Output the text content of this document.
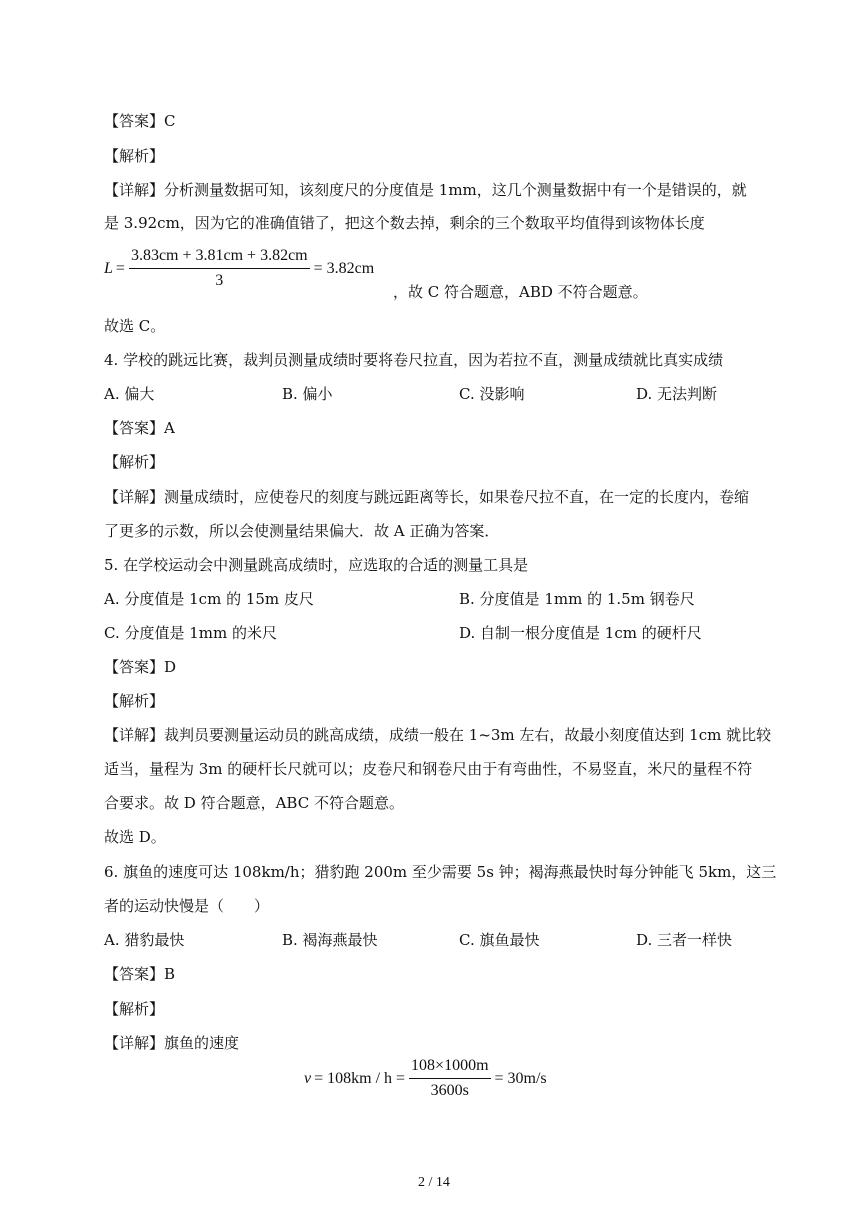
【答案】C
【解析】
【详解】分析测量数据可知，该刻度尺的分度值是 1mm，这几个测量数据中有一个是错误的，就
是 3.92cm，因为它的准确值错了，把这个数去掉，剩余的三个数取平均值得到该物体长度
$L = \frac{3.83cm + 3.81cm + 3.82cm}{3} = 3.82cm$
，故 C 符合题意，ABD 不符合题意。
故选 C。
4. 学校的跳远比赛，裁判员测量成绩时要将卷尺拉直，因为若拉不直，测量成绩就比真实成绩
A. 偏大	B. 偏小	C. 没影响	D. 无法判断
【答案】A
【解析】
【详解】测量成绩时，应使卷尺的刻度与跳远距离等长，如果卷尺拉不直，在一定的长度内，卷缩
了更多的示数，所以会使测量结果偏大．故 A 正确为答案．
5. 在学校运动会中测量跳高成绩时，应选取的合适的测量工具是
A. 分度值是 1cm 的 15m 皮尺	B. 分度值是 1mm 的 1.5m 钢卷尺
C. 分度值是 1mm 的米尺	D. 自制一根分度值是 1cm 的硬杆尺
【答案】D
【解析】
【详解】裁判员要测量运动员的跳高成绩，成绩一般在 1~3m 左右，故最小刻度值达到 1cm 就比较
适当，量程为 3m 的硬杆长尺就可以；皮卷尺和钢卷尺由于有弯曲性，不易竖直，米尺的量程不符
合要求。故 D 符合题意，ABC 不符合题意。
故选 D。
6. 旗鱼的速度可达 108km/h；猎豹跑 200m 至少需要 5s 钟；褐海燕最快时每分钟能飞 5km，这三
者的运动快慢是（　　）
A. 猎豹最快	B. 褐海燕最快	C. 旗鱼最快	D. 三者一样快
【答案】B
【解析】
【详解】旗鱼的速度
$v = 108km / h = \frac{108\times 1000m}{3600s} = 30m/s$
2 / 14
